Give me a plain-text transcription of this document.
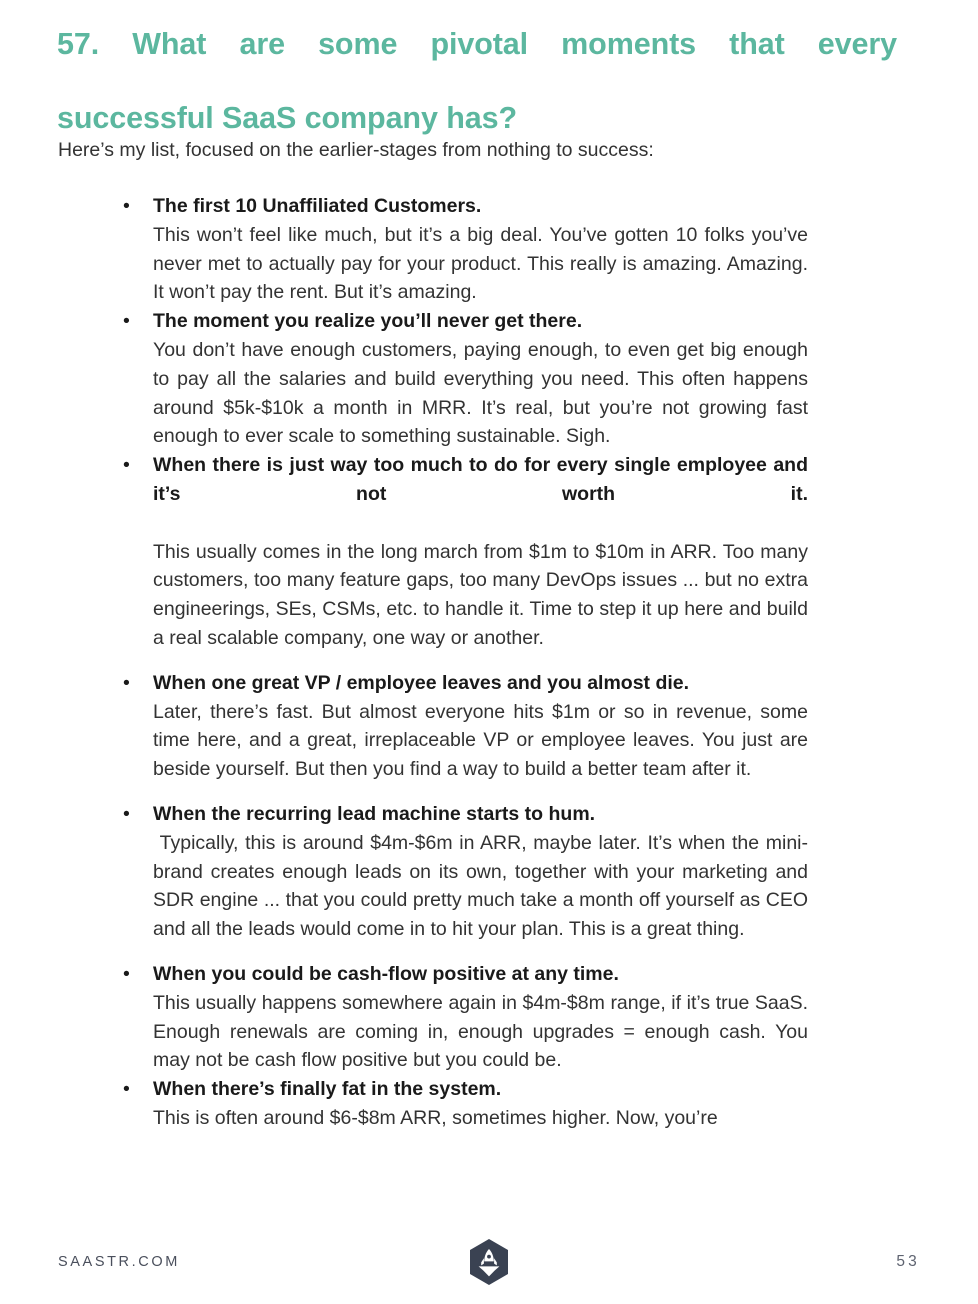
57. What are some pivotal moments that every
successful SaaS company has?

Here’s my list, focused on the earlier-stages from nothing to success:

•	The first 10 Unaffiliated Customers.
This won’t feel like much, but it’s a big deal. You’ve gotten 10 folks you’ve never met to actually pay for your product. This really is amazing. Amazing. It won’t pay the rent. But it’s amazing.
•	The moment you realize you’ll never get there.
You don’t have enough customers, paying enough, to even get big enough to pay all the salaries and build everything you need. This often happens around $5k-$10k a month in MRR. It’s real, but you’re not growing fast enough to ever scale to something sustainable. Sigh.
•	When there is just way too much to do for every single employee and it’s not worth it.
This usually comes in the long march from $1m to $10m in ARR. Too many customers, too many feature gaps, too many DevOps issues ... but no extra engineerings, SEs, CSMs, etc. to handle it. Time to step it up here and build a real scalable company, one way or another.
•	When one great VP / employee leaves and you almost die.
Later, there’s fast. But almost everyone hits $1m or so in revenue, some time here, and a great, irreplaceable VP or employee leaves. You just are beside yourself. But then you find a way to build a better team after it.
•	When the recurring lead machine starts to hum.
Typically, this is around $4m-$6m in ARR, maybe later. It’s when the mini-brand creates enough leads on its own, together with your marketing and SDR engine ... that you could pretty much take a month off yourself as CEO and all the leads would come in to hit your plan. This is a great thing.
•	When you could be cash-flow positive at any time.
This usually happens somewhere again in $4m-$8m range, if it’s true SaaS. Enough renewals are coming in, enough upgrades = enough cash. You may not be cash flow positive but you could be.
•	When there’s finally fat in the system.
This is often around $6-$8m ARR, sometimes higher. Now, you’re
SAASTR.COM	53
